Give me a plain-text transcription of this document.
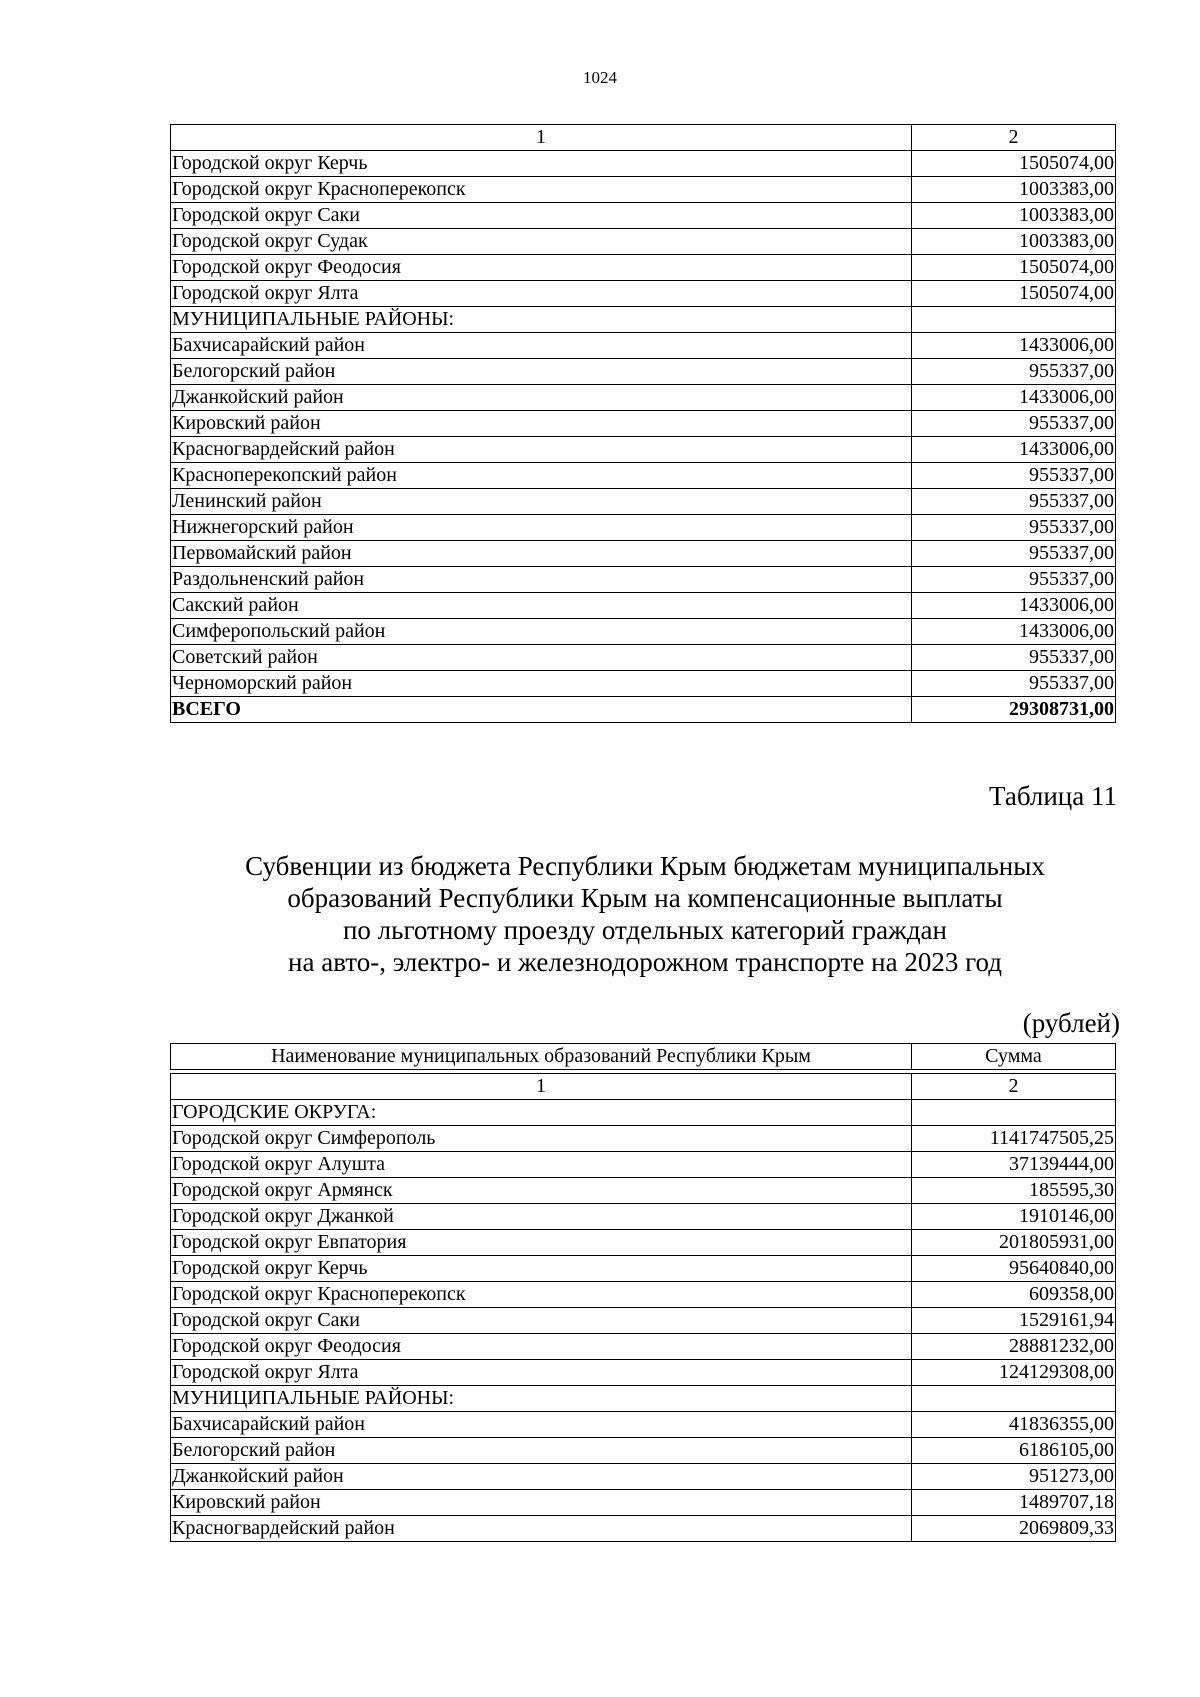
1024
1	2
Городской округ Керчь	1505074,00
Городской округ Красноперекопск	1003383,00
Городской округ Саки	1003383,00
Городской округ Судак	1003383,00
Городской округ Феодосия	1505074,00
Городской округ Ялта	1505074,00
МУНИЦИПАЛЬНЫЕ РАЙОНЫ:	
Бахчисарайский район	1433006,00
Белогорский район	955337,00
Джанкойский район	1433006,00
Кировский район	955337,00
Красногвардейский район	1433006,00
Красноперекопский район	955337,00
Ленинский район	955337,00
Нижнегорский район	955337,00
Первомайский район	955337,00
Раздольненский район	955337,00
Сакский район	1433006,00
Симферопольский район	1433006,00
Советский район	955337,00
Черноморский район	955337,00
ВСЕГО	29308731,00
Таблица 11
Субвенции из бюджета Республики Крым бюджетам муниципальных
образований Республики Крым на компенсационные выплаты
по льготному проезду отдельных категорий граждан
на авто-, электро- и железнодорожном транспорте на 2023 год
(рублей)
Наименование муниципальных образований Республики Крым	Сумма
1	2
ГОРОДСКИЕ ОКРУГА:	
Городской округ Симферополь	1141747505,25
Городской округ Алушта	37139444,00
Городской округ Армянск	185595,30
Городской округ Джанкой	1910146,00
Городской округ Евпатория	201805931,00
Городской округ Керчь	95640840,00
Городской округ Красноперекопск	609358,00
Городской округ Саки	1529161,94
Городской округ Феодосия	28881232,00
Городской округ Ялта	124129308,00
МУНИЦИПАЛЬНЫЕ РАЙОНЫ:	
Бахчисарайский район	41836355,00
Белогорский район	6186105,00
Джанкойский район	951273,00
Кировский район	1489707,18
Красногвардейский район	2069809,33
